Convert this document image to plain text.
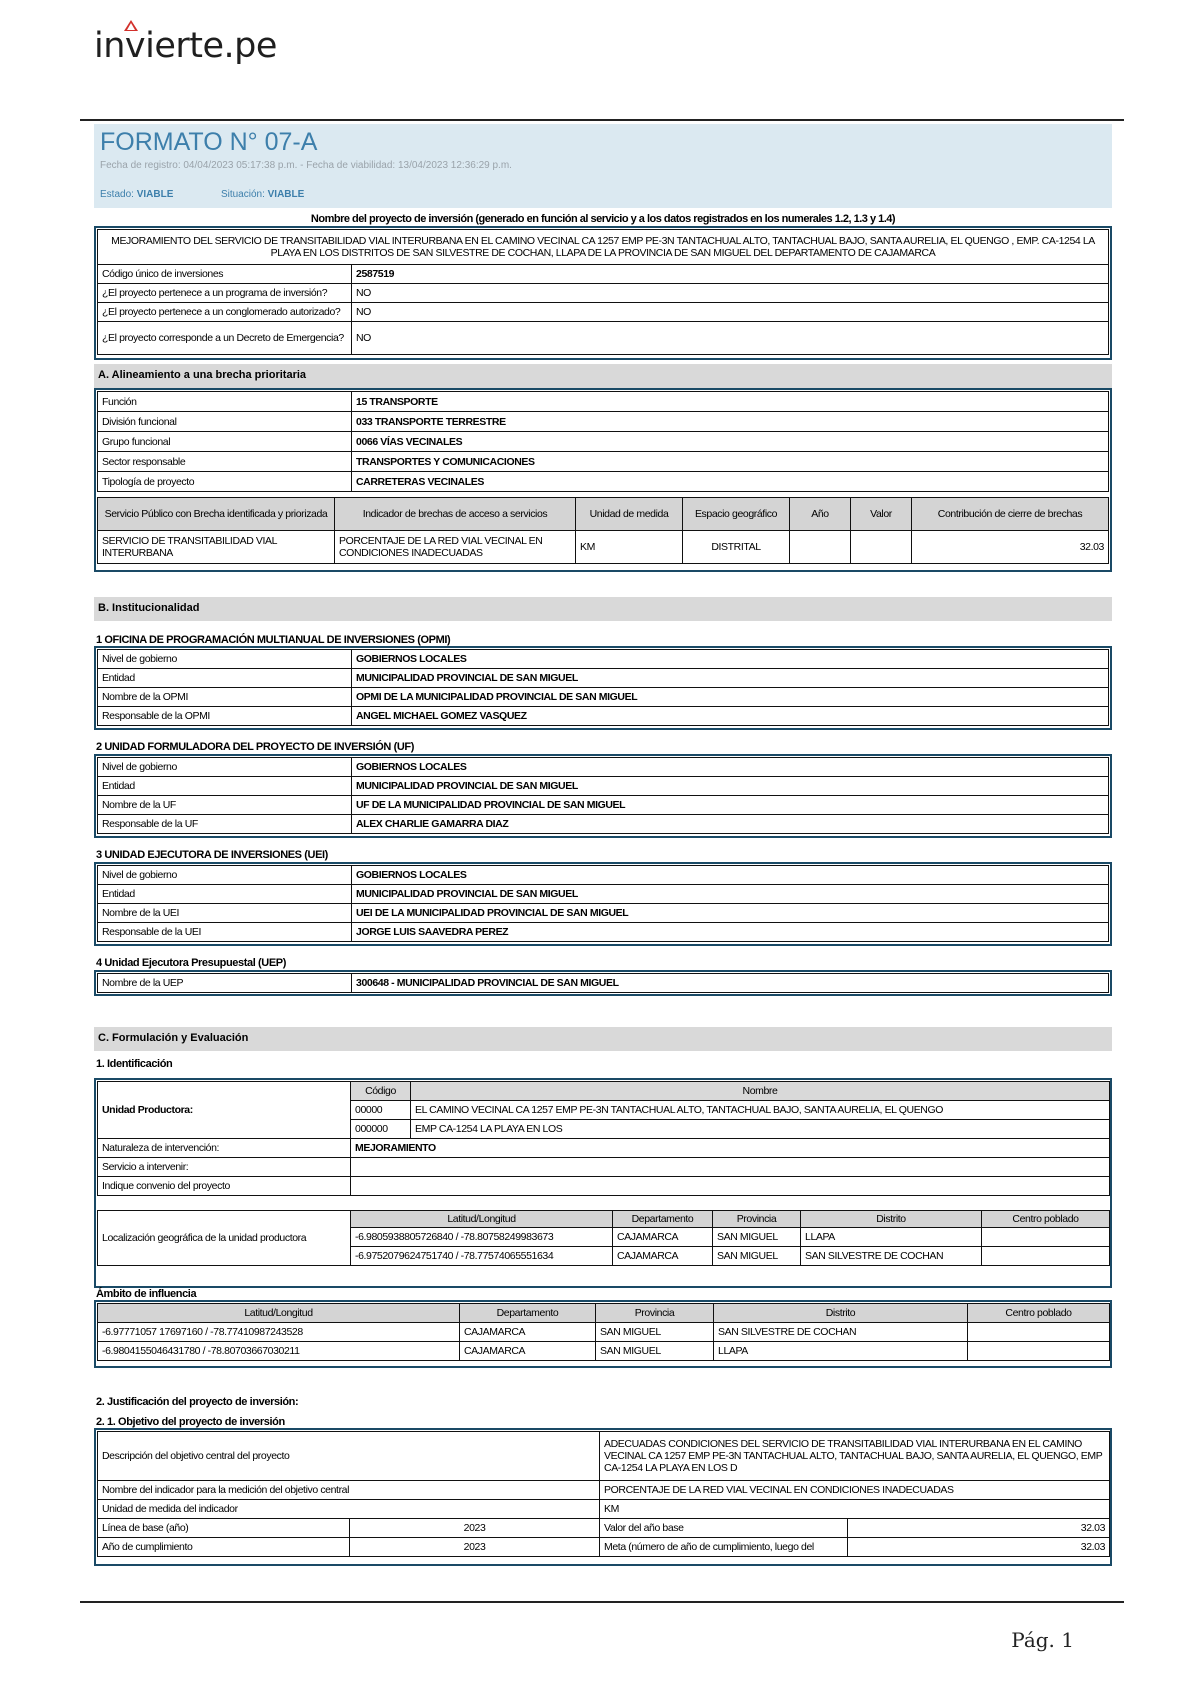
invierte.pe
FORMATO N° 07-A
Fecha de registro: 04/04/2023 05:17:38 p.m. - Fecha de viabilidad: 13/04/2023 12:36:29 p.m.
Estado: VIABLE	Situación: VIABLE
Nombre del proyecto de inversión (generado en función al servicio y a los datos registrados en los numerales 1.2, 1.3 y 1.4)
MEJORAMIENTO DEL SERVICIO DE TRANSITABILIDAD VIAL INTERURBANA EN EL CAMINO VECINAL CA 1257 EMP PE-3N TANTACHUAL ALTO, TANTACHUAL BAJO, SANTA AURELIA, EL QUENGO , EMP. CA-1254 LA PLAYA EN LOS DISTRITOS DE SAN SILVESTRE DE COCHAN, LLAPA DE LA PROVINCIA DE SAN MIGUEL DEL DEPARTAMENTO DE CAJAMARCA	
Código único de inversiones	2587519
¿El proyecto pertenece a un programa de inversión?	NO
¿El proyecto pertenece a un conglomerado autorizado?	NO
¿El proyecto corresponde a un Decreto de Emergencia?	NO
A. Alineamiento a una brecha prioritaria
Función	15 TRANSPORTE
División funcional	033 TRANSPORTE TERRESTRE
Grupo funcional	0066 VÍAS VECINALES
Sector responsable	TRANSPORTES Y COMUNICACIONES
Tipología de proyecto	CARRETERAS VECINALES
Servicio Público con Brecha identificada y priorizada	Indicador de brechas de acceso a servicios	Unidad de medida	Espacio geográfico	Año	Valor	Contribución de cierre de brechas
SERVICIO DE TRANSITABILIDAD VIAL INTERURBANA	PORCENTAJE DE LA RED VIAL VECINAL EN CONDICIONES INADECUADAS	KM	DISTRITAL			32.03
B. Institucionalidad
1 OFICINA DE PROGRAMACIÓN MULTIANUAL DE INVERSIONES (OPMI)
Nivel de gobierno	GOBIERNOS LOCALES
Entidad	MUNICIPALIDAD PROVINCIAL DE SAN MIGUEL
Nombre de la OPMI	OPMI DE LA MUNICIPALIDAD PROVINCIAL DE SAN MIGUEL
Responsable de la OPMI	ANGEL MICHAEL GOMEZ VASQUEZ
2 UNIDAD FORMULADORA DEL PROYECTO DE INVERSIÓN (UF)
Nivel de gobierno	GOBIERNOS LOCALES
Entidad	MUNICIPALIDAD PROVINCIAL DE SAN MIGUEL
Nombre de la UF	UF DE LA MUNICIPALIDAD PROVINCIAL DE SAN MIGUEL
Responsable de la UF	ALEX CHARLIE GAMARRA DIAZ
3 UNIDAD EJECUTORA DE INVERSIONES (UEI)
Nivel de gobierno	GOBIERNOS LOCALES
Entidad	MUNICIPALIDAD PROVINCIAL DE SAN MIGUEL
Nombre de la UEI	UEI DE LA MUNICIPALIDAD PROVINCIAL DE SAN MIGUEL
Responsable de la UEI	JORGE LUIS SAAVEDRA PEREZ
4 Unidad Ejecutora Presupuestal (UEP)
Nombre de la UEP	300648 - MUNICIPALIDAD PROVINCIAL DE SAN MIGUEL
C. Formulación y Evaluación
1. Identificación
Unidad Productora:	Código	Nombre
	00000	EL CAMINO VECINAL CA 1257 EMP PE-3N TANTACHUAL ALTO, TANTACHUAL BAJO, SANTA AURELIA, EL QUENGO
	000000	EMP CA-1254 LA PLAYA EN LOS
Naturaleza de intervención:	MEJORAMIENTO	
Servicio a intervenir:		
Indique convenio del proyecto		
Localización geográfica de la unidad productora	Latitud/Longitud	Departamento	Provincia	Distrito	Centro poblado
	-6.9805938805726840 / -78.80758249983673	CAJAMARCA	SAN MIGUEL	LLAPA	
	-6.9752079624751740 / -78.77574065551634	CAJAMARCA	SAN MIGUEL	SAN SILVESTRE DE COCHAN	
Ámbito de influencia
Latitud/Longitud	Departamento	Provincia	Distrito	Centro poblado
-6.97771057 17697160 / -78.77410987243528	CAJAMARCA	SAN MIGUEL	SAN SILVESTRE DE COCHAN	
-6.9804155046431780 / -78.80703667030211	CAJAMARCA	SAN MIGUEL	LLAPA	
2. Justificación del proyecto de inversión:
2. 1. Objetivo del proyecto de inversión
Descripción del objetivo central del proyecto		ADECUADAS CONDICIONES DEL SERVICIO DE TRANSITABILIDAD VIAL INTERURBANA EN EL CAMINO VECINAL CA 1257 EMP PE-3N TANTACHUAL ALTO, TANTACHUAL BAJO, SANTA AURELIA, EL QUENGO, EMP CA-1254 LA PLAYA EN LOS D	
Nombre del indicador para la medición del objetivo central		PORCENTAJE DE LA RED VIAL VECINAL EN CONDICIONES INADECUADAS	
Unidad de medida del indicador		KM	
Línea de base (año)	2023	Valor del año base	32.03
Año de cumplimiento	2023	Meta (número de año de cumplimiento, luego del	32.03
Pág. 1
